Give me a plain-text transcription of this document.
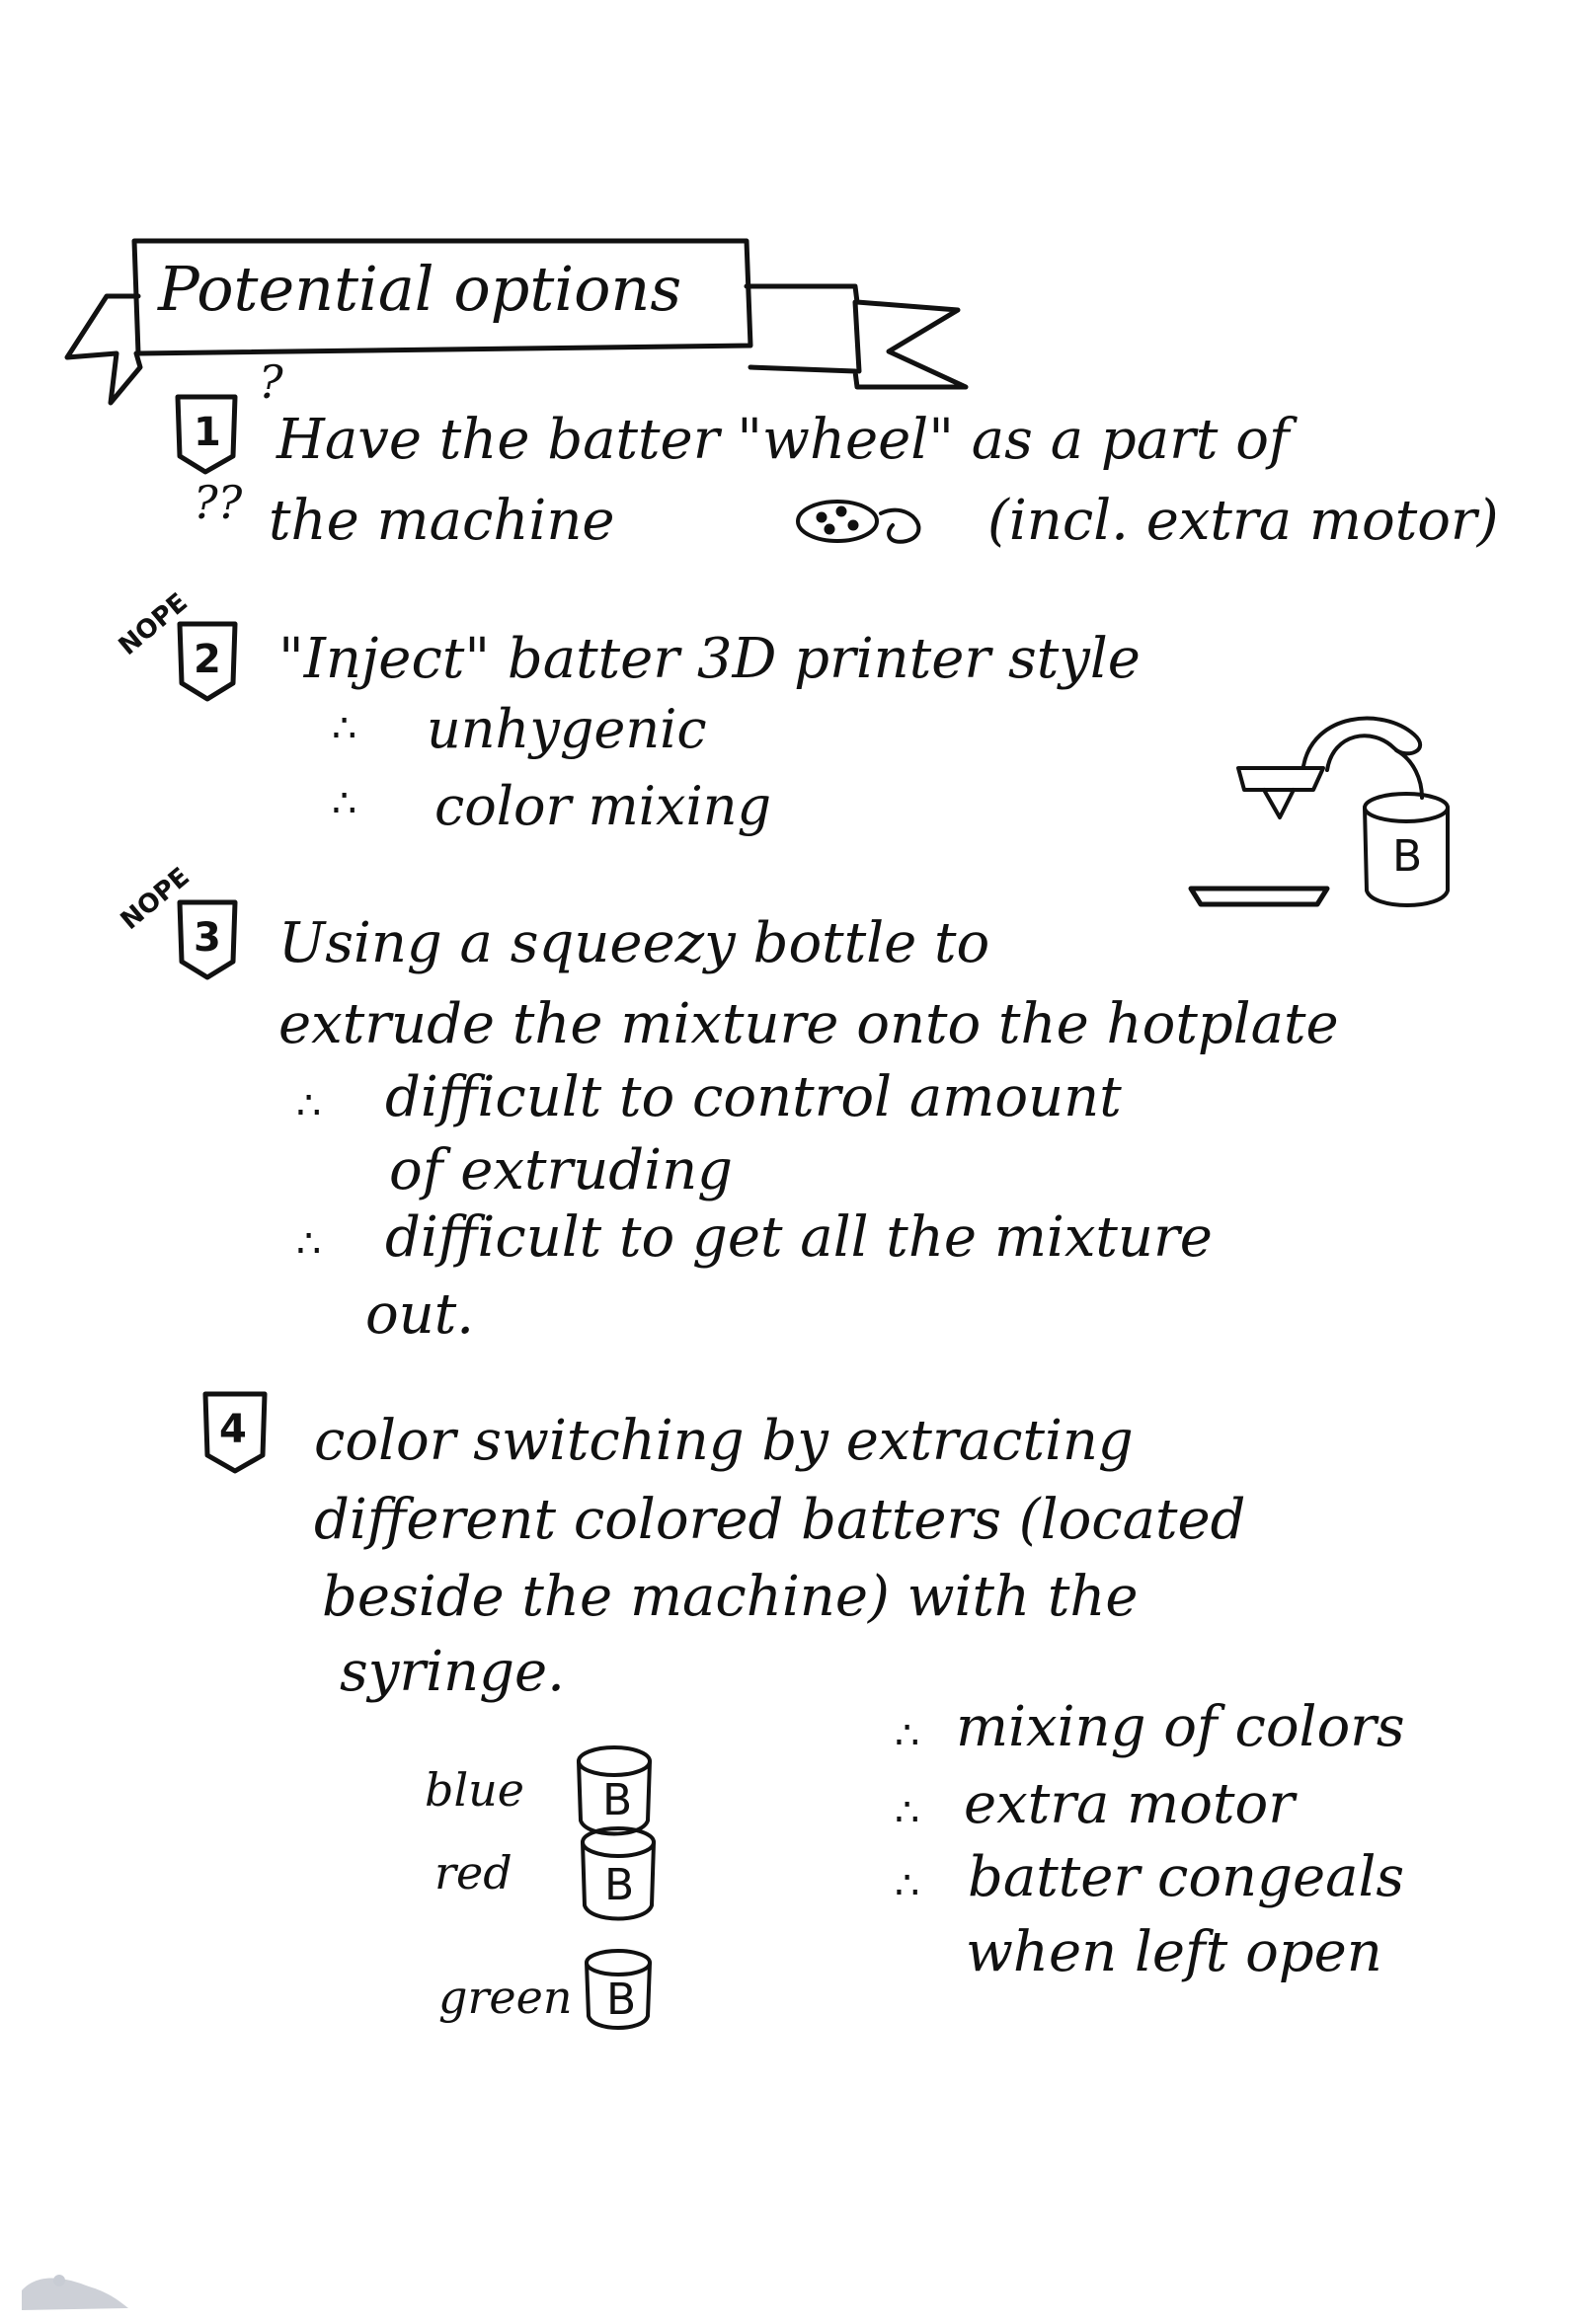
Potential options
1
?
??
Have the batter "wheel" as a part of
the machine	(incl. extra motor)
NOPE 2 "Inject" batter 3D printer style
∴ unhygenic
∴ color mixing
B
NOPE
3 Using a squeezy bottle to
extrude the mixture onto the hotplate
∴ difficult to control amount
of extruding
∴ difficult to get all the mixture
out.
4 color switching by extracting
different colored batters (located
beside the machine) with the
syringe.
blue B
red B
green B
∴ mixing of colors
∴ extra motor
∴ batter congeals
when left open
